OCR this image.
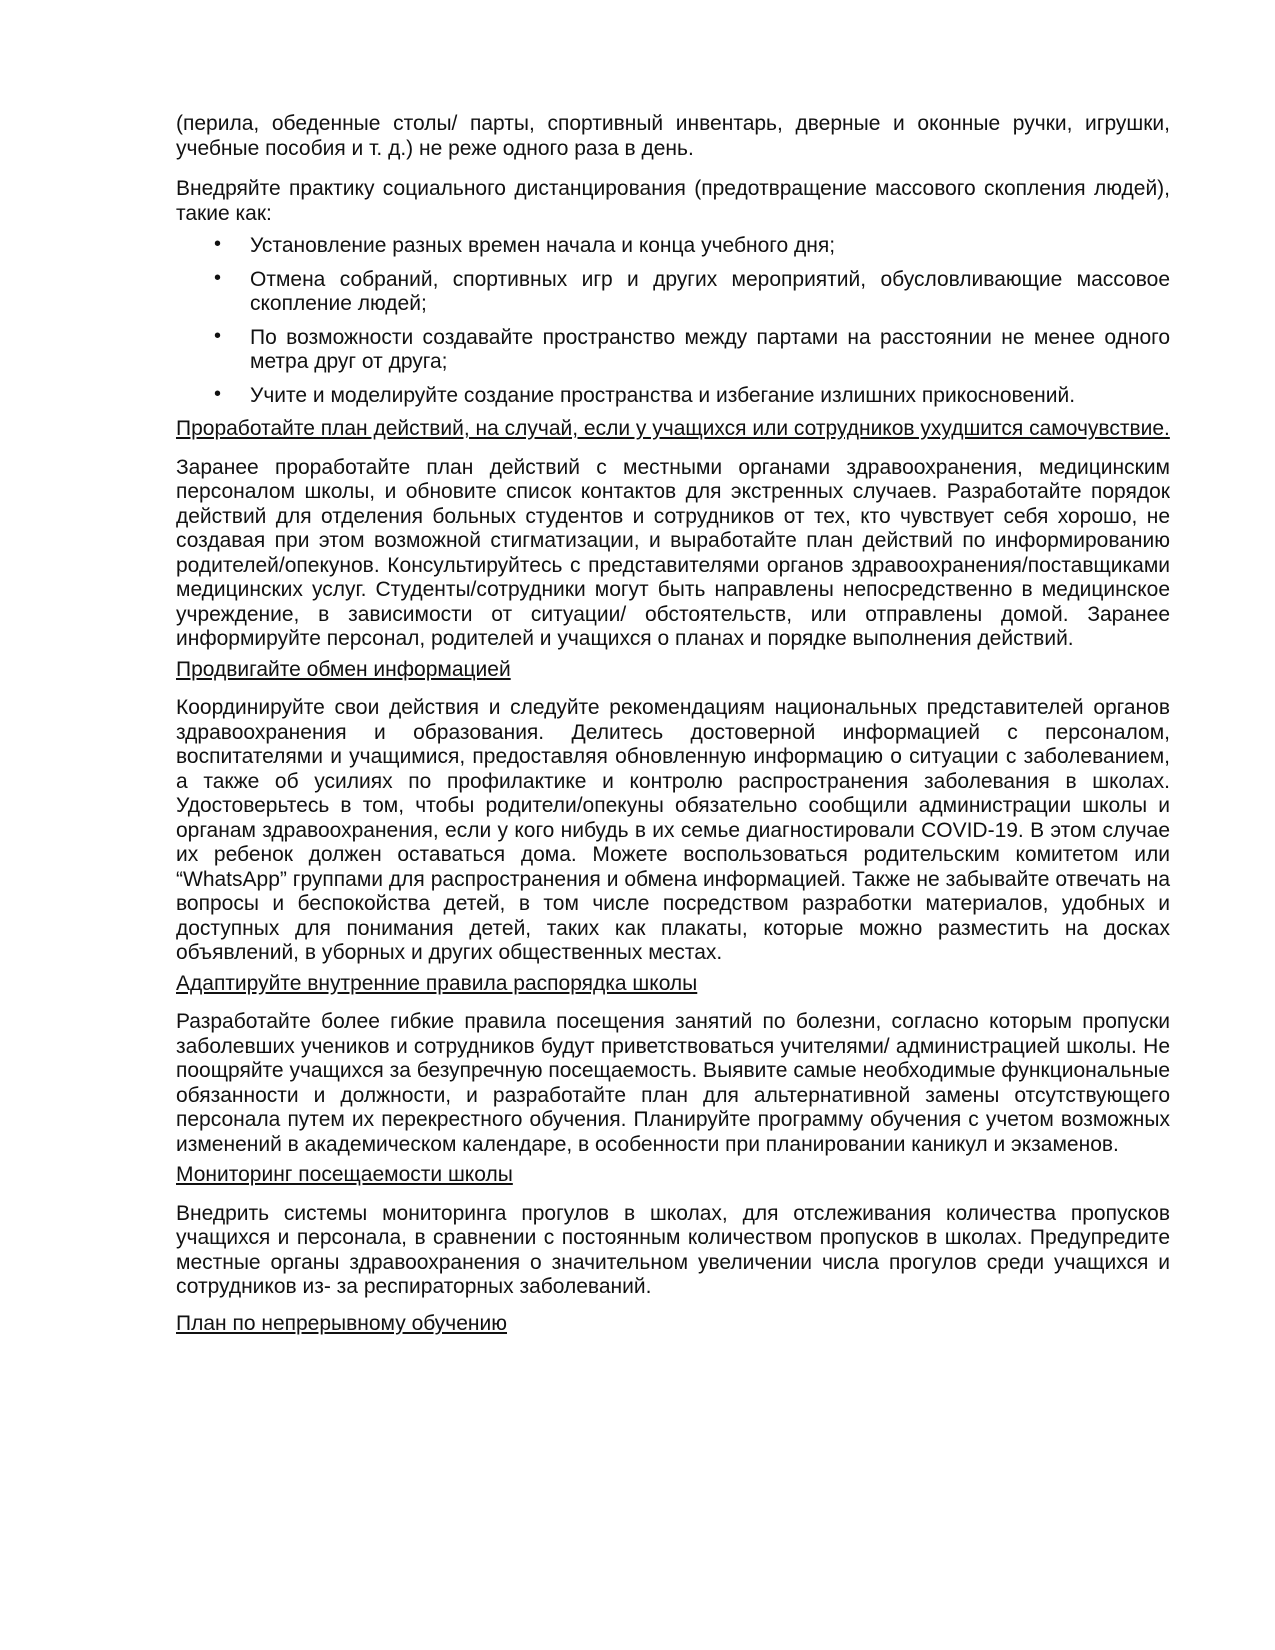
(перила, обеденные столы/ парты, спортивный инвентарь, дверные и оконные ручки, игрушки, учебные пособия и т. д.) не реже одного раза в день.

Внедряйте практику социального дистанцирования (предотвращение массового скопления людей), такие как:

• Установление разных времен начала и конца учебного дня;
• Отмена собраний, спортивных игр и других мероприятий, обусловливающие массовое скопление людей;
• По возможности создавайте пространство между партами на расстоянии не менее одного метра друг от друга;
• Учите и моделируйте создание пространства и избегание излишних прикосновений.

Проработайте план действий, на случай, если у учащихся или сотрудников ухудшится самочувствие.

Заранее проработайте план действий с местными органами здравоохранения, медицинским персоналом школы, и обновите список контактов для экстренных случаев. Разработайте порядок действий для отделения больных студентов и сотрудников от тех, кто чувствует себя хорошо, не создавая при этом возможной стигматизации, и выработайте план действий по информированию родителей/опекунов. Консультируйтесь с представителями органов здравоохранения/поставщиками медицинских услуг. Студенты/сотрудники могут быть направлены непосредственно в медицинское учреждение, в зависимости от ситуации/ обстоятельств, или отправлены домой. Заранее информируйте персонал, родителей и учащихся о планах и порядке выполнения действий.

Продвигайте обмен информацией

Координируйте свои действия и следуйте рекомендациям национальных представителей органов здравоохранения и образования. Делитесь достоверной информацией с персоналом, воспитателями и учащимися, предоставляя обновленную информацию о ситуации с заболеванием, а также об усилиях по профилактике и контролю распространения заболевания в школах. Удостоверьтесь в том, чтобы родители/опекуны обязательно сообщили администрации школы и органам здравоохранения, если у кого нибудь в их семье диагностировали COVID-19. В этом случае их ребенок должен оставаться дома. Можете воспользоваться родительским комитетом или “WhatsApp” группами для распространения и обмена информацией. Также не забывайте отвечать на вопросы и беспокойства детей, в том числе посредством разработки материалов, удобных и доступных для понимания детей, таких как плакаты, которые можно разместить на досках объявлений, в уборных и других общественных местах.

Адаптируйте внутренние правила распорядка школы

Разработайте более гибкие правила посещения занятий по болезни, согласно которым пропуски заболевших учеников и сотрудников будут приветствоваться учителями/ администрацией школы. Не поощряйте учащихся за безупречную посещаемость. Выявите самые необходимые функциональные обязанности и должности, и разработайте план для альтернативной замены отсутствующего персонала путем их перекрестного обучения. Планируйте программу обучения с учетом возможных изменений в академическом календаре, в особенности при планировании каникул и экзаменов.

Мониторинг посещаемости школы

Внедрить системы мониторинга прогулов в школах, для отслеживания количества пропусков учащихся и персонала, в сравнении с постоянным количеством пропусков в школах. Предупредите местные органы здравоохранения о значительном увеличении числа прогулов среди учащихся и сотрудников из- за респираторных заболеваний.

План по непрерывному обучению
